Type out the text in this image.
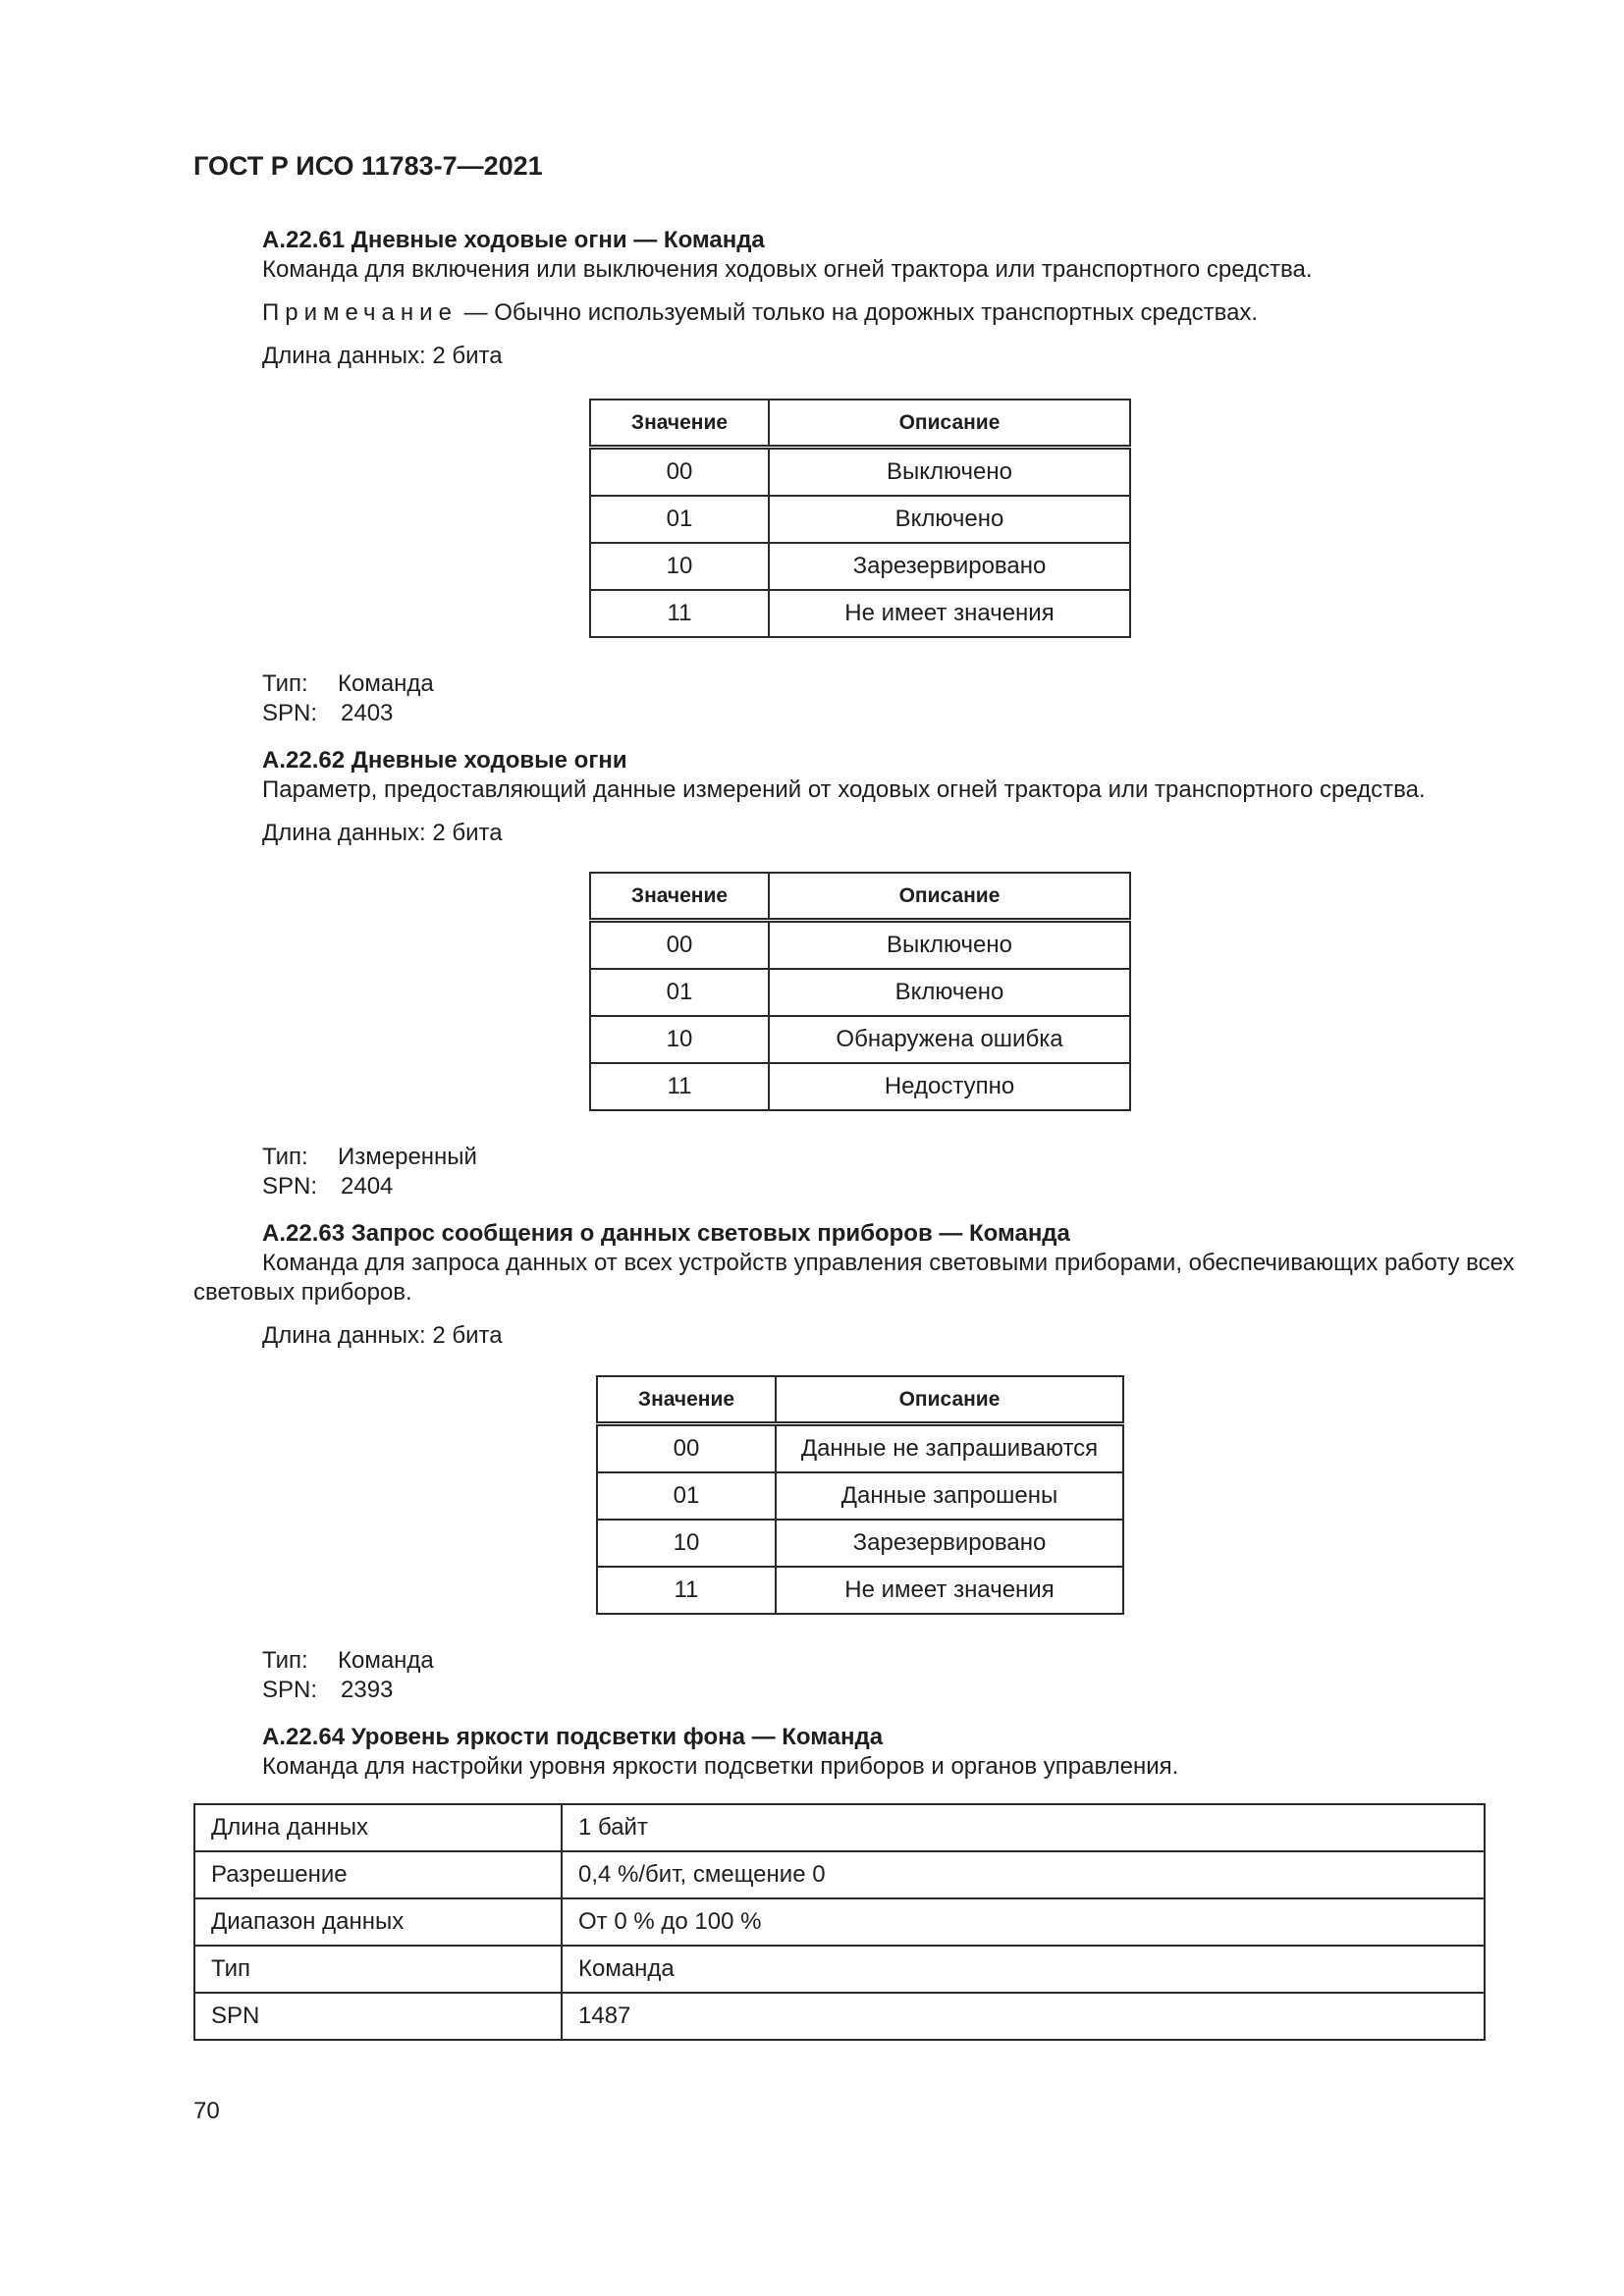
ГОСТ Р ИСО 11783-7—2021
А.22.61 Дневные ходовые огни — Команда
Команда для включения или выключения ходовых огней трактора или транспортного средства.
Примечание — Обычно используемый только на дорожных транспортных средствах.
Длина данных: 2 бита
Значение	Описание
00	Выключено
01	Включено
10	Зарезервировано
11	Не имеет значения
Тип: Команда
SPN: 2403
А.22.62 Дневные ходовые огни
Параметр, предоставляющий данные измерений от ходовых огней трактора или транспортного средства.
Длина данных: 2 бита
Значение	Описание
00	Выключено
01	Включено
10	Обнаружена ошибка
11	Недоступно
Тип: Измеренный
SPN: 2404
А.22.63 Запрос сообщения о данных световых приборов — Команда
Команда для запроса данных от всех устройств управления световыми приборами, обеспечивающих работу всех световых приборов.
Длина данных: 2 бита
Значение	Описание
00	Данные не запрашиваются
01	Данные запрошены
10	Зарезервировано
11	Не имеет значения
Тип: Команда
SPN: 2393
А.22.64 Уровень яркости подсветки фона — Команда
Команда для настройки уровня яркости подсветки приборов и органов управления.
Длина данных	1 байт
Разрешение	0,4 %/бит, смещение 0
Диапазон данных	От 0 % до 100 %
Тип	Команда
SPN	1487
70
